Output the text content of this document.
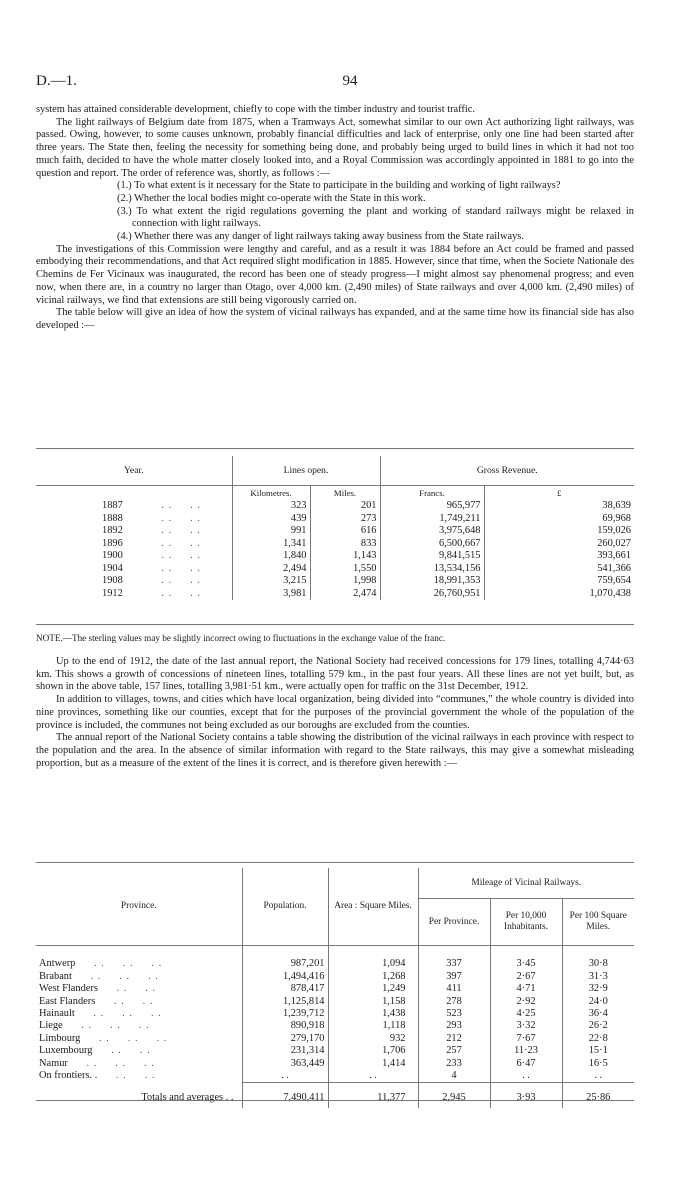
D.—1.	94

system has attained considerable development, chiefly to cope with the timber industry and tourist traffic.

The light railways of Belgium date from 1875, when a Tramways Act, somewhat similar to our own Act authorizing light railways, was passed. Owing, however, to some causes unknown, probably financial difficulties and lack of enterprise, only one line had been started after three years. The State then, feeling the necessity for something being done, and probably being urged to build lines in which it had not too much faith, decided to have the whole matter closely looked into, and a Royal Commission was accordingly appointed in 1881 to go into the question and report. The order of reference was, shortly, as follows :—

(1.) To what extent is it necessary for the State to participate in the building and working of light railways?
(2.) Whether the local bodies might co-operate with the State in this work.
(3.) To what extent the rigid regulations governing the plant and working of standard railways might be relaxed in connection with light railways.
(4.) Whether there was any danger of light railways taking away business from the State railways.

The investigations of this Commission were lengthy and careful, and as a result it was 1884 before an Act could be framed and passed embodying their recommendations, and that Act required slight modification in 1885. However, since that time, when the Societe Nationale des Chemins de Fer Vicinaux was inaugurated, the record has been one of steady progress—I might almost say phenomenal progress; and even now, when there are, in a country no larger than Otago, over 4,000 km. (2,490 miles) of State railways and over 4,000 km. (2,490 miles) of vicinal railways, we find that extensions are still being vigorously carried on.

The table below will give an idea of how the system of vicinal railways has expanded, and at the same time how its financial side has also developed :—

Year.	Lines open.		Gross Revenue.	
	Kilometres.	Miles.	Francs.	£
1887 . .     . .	323	201	965,977	38,639
1888 . .     . .	439	273	1,749,211	69,968
1892 . .     . .	991	616	3,975,648	159,026
1896 . .     . .	1,341	833	6,500,667	260,027
1900 . .     . .	1,840	1,143	9,841,515	393,661
1904 . .     . .	2,494	1,550	13,534,156	541,366
1908 . .     . .	3,215	1,998	18,991,353	759,654
1912 . .     . .	3,981	2,474	26,760,951	1,070,438
NOTE.—The sterling values may be slightly incorrect owing to fluctuations in the exchange value of the franc.

Up to the end of 1912, the date of the last annual report, the National Society had received concessions for 179 lines, totalling 4,744·63 km. This shows a growth of concessions of nineteen lines, totalling 579 km., in the past four years. All these lines are not yet built, but, as shown in the above table, 157 lines, totalling 3,981·51 km., were actually open for traffic on the 31st December, 1912.

In addition to villages, towns, and cities which have local organization, being divided into “communes,” the whole country is divided into nine provinces, something like our counties, except that for the purposes of the provincial government the whole of the population of the province is included, the communes not being excluded as our boroughs are excluded from the counties.

The annual report of the National Society contains a table showing the distribution of the vicinal railways in each province with respect to the population and the area. In the absence of similar information with regard to the State railways, this may give a somewhat misleading proportion, but as a measure of the extent of the lines it is correct, and is therefore given herewith :—

Province.	Population.	Area : Square Miles.	Mileage of Vicinal Railways.		
			Per Province.	Per 10,000 Inhabitants.	Per 100 Square Miles.

Antwerp . .     . .     . .	987,201	1,094	337	3·45	30·8
Brabant . .     . .     . .	1,494,416	1,268	397	2·67	31·3
West Flanders . .     . .	878,417	1,249	411	4·71	32·9
East Flanders . .     . .	1,125,814	1,158	278	2·92	24·0
Hainault . .     . .     . .	1,239,712	1,438	523	4·25	36·4
Liege . .     . .     . .	890,918	1,118	293	3·32	26·2
Limbourg . .     . .     . .	279,170	932	212	7·67	22·8
Luxembourg . .     . .	231,314	1,706	257	11·23	15·1
Namur . .     . .     . .	363,449	1,414	233	6·47	16·5
On frontiers. . . .     . .	. .	. .	4	. .	. .
Totals and averages . .	7,490,411	11,377	2,945	3·93	25·86
